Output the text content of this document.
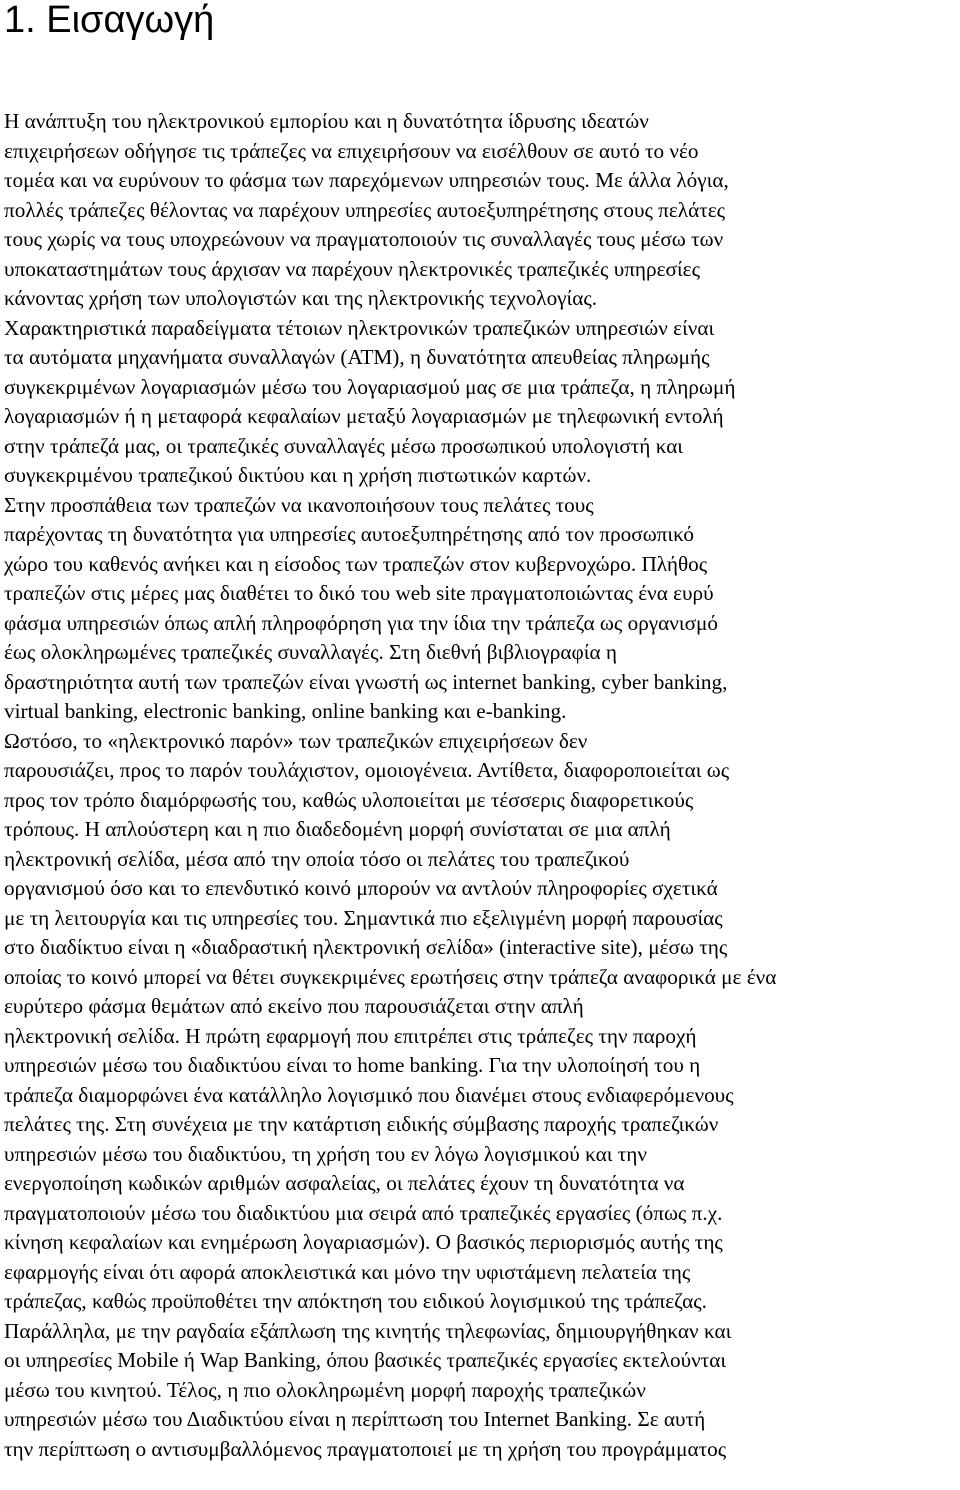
1. Εισαγωγή
Η ανάπτυξη του ηλεκτρονικού εμπορίου και η δυνατότητα ίδρυσης ιδεατών
επιχειρήσεων οδήγησε τις τράπεζες να επιχειρήσουν να εισέλθουν σε αυτό το νέο
τομέα και να ευρύνουν το φάσμα των παρεχόμενων υπηρεσιών τους. Με άλλα λόγια,
πολλές τράπεζες θέλοντας να παρέχουν υπηρεσίες αυτοεξυπηρέτησης στους πελάτες
τους χωρίς να τους υποχρεώνουν να πραγματοποιούν τις συναλλαγές τους μέσω των
υποκαταστημάτων τους άρχισαν να παρέχουν ηλεκτρονικές τραπεζικές υπηρεσίες
κάνοντας χρήση των υπολογιστών και της ηλεκτρονικής τεχνολογίας.
Χαρακτηριστικά παραδείγματα τέτοιων ηλεκτρονικών τραπεζικών υπηρεσιών είναι
τα αυτόματα μηχανήματα συναλλαγών (ΑΤΜ), η δυνατότητα απευθείας πληρωμής
συγκεκριμένων λογαριασμών μέσω του λογαριασμού μας σε μια τράπεζα, η πληρωμή
λογαριασμών ή η μεταφορά κεφαλαίων μεταξύ λογαριασμών με τηλεφωνική εντολή
στην τράπεζά μας, οι τραπεζικές συναλλαγές μέσω προσωπικού υπολογιστή και
συγκεκριμένου τραπεζικού δικτύου και η χρήση πιστωτικών καρτών.
Στην προσπάθεια των τραπεζών να ικανοποιήσουν τους πελάτες τους
παρέχοντας τη δυνατότητα για υπηρεσίες αυτοεξυπηρέτησης από τον προσωπικό
χώρο του καθενός ανήκει και η είσοδος των τραπεζών στον κυβερνοχώρο. Πλήθος
τραπεζών στις μέρες μας διαθέτει το δικό του web site πραγματοποιώντας ένα ευρύ
φάσμα υπηρεσιών όπως απλή πληροφόρηση για την ίδια την τράπεζα ως οργανισμό
έως ολοκληρωμένες τραπεζικές συναλλαγές. Στη διεθνή βιβλιογραφία η
δραστηριότητα αυτή των τραπεζών είναι γνωστή ως internet banking, cyber banking,
virtual banking, electronic banking, online banking και e-banking.
Ωστόσο, το «ηλεκτρονικό παρόν» των τραπεζικών επιχειρήσεων δεν
παρουσιάζει, προς το παρόν τουλάχιστον, ομοιογένεια. Αντίθετα, διαφοροποιείται ως
προς τον τρόπο διαμόρφωσής του, καθώς υλοποιείται με τέσσερις διαφορετικούς
τρόπους. Η απλούστερη και η πιο διαδεδομένη μορφή συνίσταται σε μια απλή
ηλεκτρονική σελίδα, μέσα από την οποία τόσο οι πελάτες του τραπεζικού
οργανισμού όσο και το επενδυτικό κοινό μπορούν να αντλούν πληροφορίες σχετικά
με τη λειτουργία και τις υπηρεσίες του. Σημαντικά πιο εξελιγμένη μορφή παρουσίας
στο διαδίκτυο είναι η «διαδραστική ηλεκτρονική σελίδα» (interactive site), μέσω της
οποίας το κοινό μπορεί να θέτει συγκεκριμένες ερωτήσεις στην τράπεζα αναφορικά με ένα
ευρύτερο φάσμα θεμάτων από εκείνο που παρουσιάζεται στην απλή
ηλεκτρονική σελίδα. Η πρώτη εφαρμογή που επιτρέπει στις τράπεζες την παροχή
υπηρεσιών μέσω του διαδικτύου είναι το home banking. Για την υλοποίησή του η
τράπεζα διαμορφώνει ένα κατάλληλο λογισμικό που διανέμει στους ενδιαφερόμενους
πελάτες της. Στη συνέχεια με την κατάρτιση ειδικής σύμβασης παροχής τραπεζικών
υπηρεσιών μέσω του διαδικτύου, τη χρήση του εν λόγω λογισμικού και την
ενεργοποίηση κωδικών αριθμών ασφαλείας, οι πελάτες έχουν τη δυνατότητα να
πραγματοποιούν μέσω του διαδικτύου μια σειρά από τραπεζικές εργασίες (όπως π.χ.
κίνηση κεφαλαίων και ενημέρωση λογαριασμών). Ο βασικός περιορισμός αυτής της
εφαρμογής είναι ότι αφορά αποκλειστικά και μόνο την υφιστάμενη πελατεία της
τράπεζας, καθώς προϋποθέτει την απόκτηση του ειδικού λογισμικού της τράπεζας.
Παράλληλα, με την ραγδαία εξάπλωση της κινητής τηλεφωνίας, δημιουργήθηκαν και
οι υπηρεσίες Mobile ή Wap Banking, όπου βασικές τραπεζικές εργασίες εκτελούνται
μέσω του κινητού. Τέλος, η πιο ολοκληρωμένη μορφή παροχής τραπεζικών
υπηρεσιών μέσω του Διαδικτύου είναι η περίπτωση του Internet Banking. Σε αυτή
την περίπτωση ο αντισυμβαλλόμενος πραγματοποιεί με τη χρήση του προγράμματος
